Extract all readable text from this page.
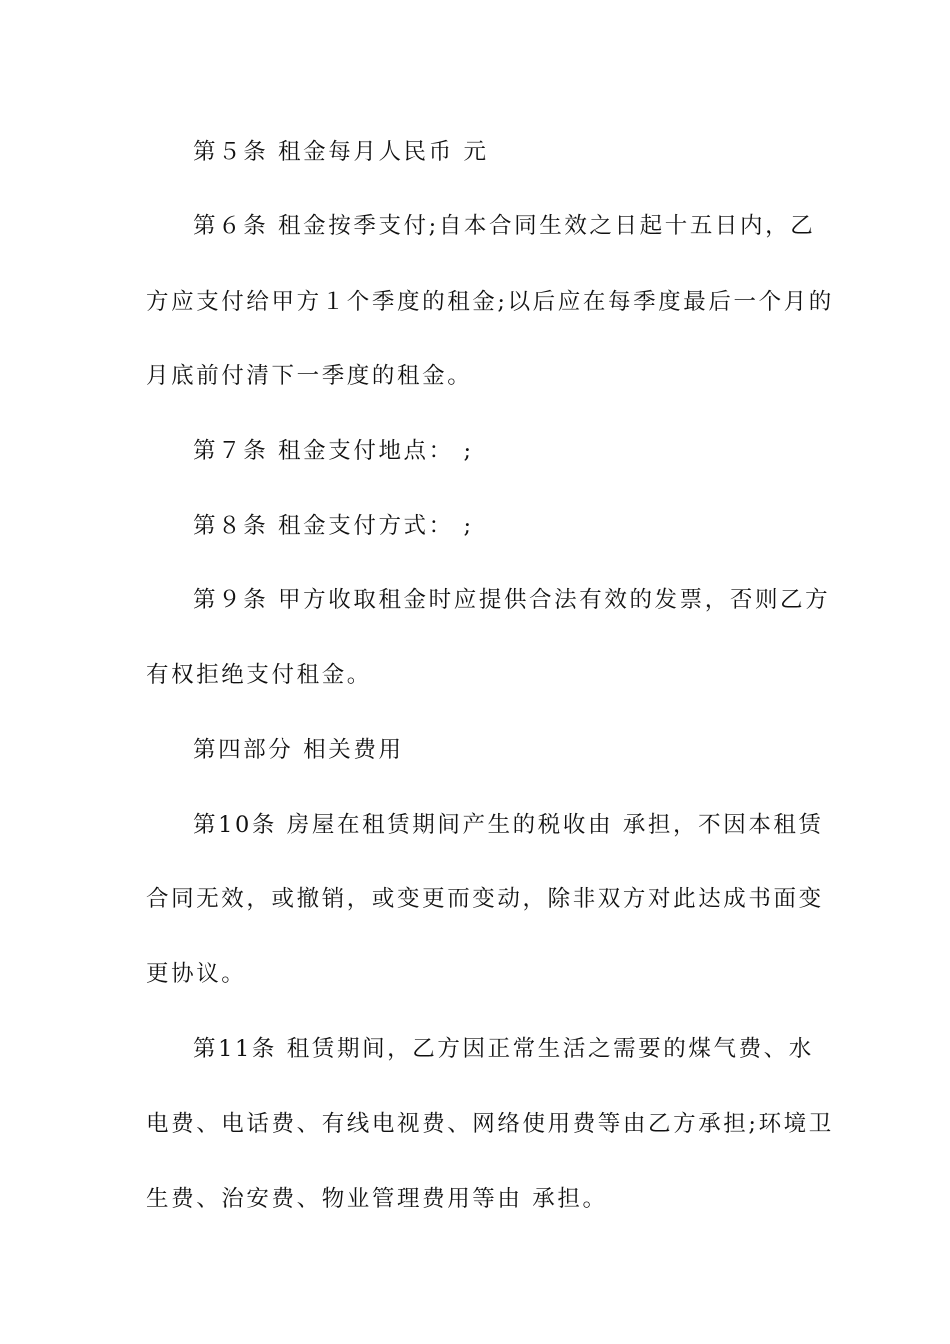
第５条 租金每月人民币 元
第６条 租金按季支付;自本合同生效之日起十五日内，乙
方应支付给甲方１个季度的租金;以后应在每季度最后一个月的
月底前付清下一季度的租金。
第７条 租金支付地点： ;
第８条 租金支付方式： ;
第９条 甲方收取租金时应提供合法有效的发票，否则乙方
有权拒绝支付租金。
第四部分 相关费用
第10条 房屋在租赁期间产生的税收由 承担，不因本租赁
合同无效，或撤销，或变更而变动，除非双方对此达成书面变
更协议。
第11条 租赁期间，乙方因正常生活之需要的煤气费、水
电费、电话费、有线电视费、网络使用费等由乙方承担;环境卫
生费、治安费、物业管理费用等由 承担。
